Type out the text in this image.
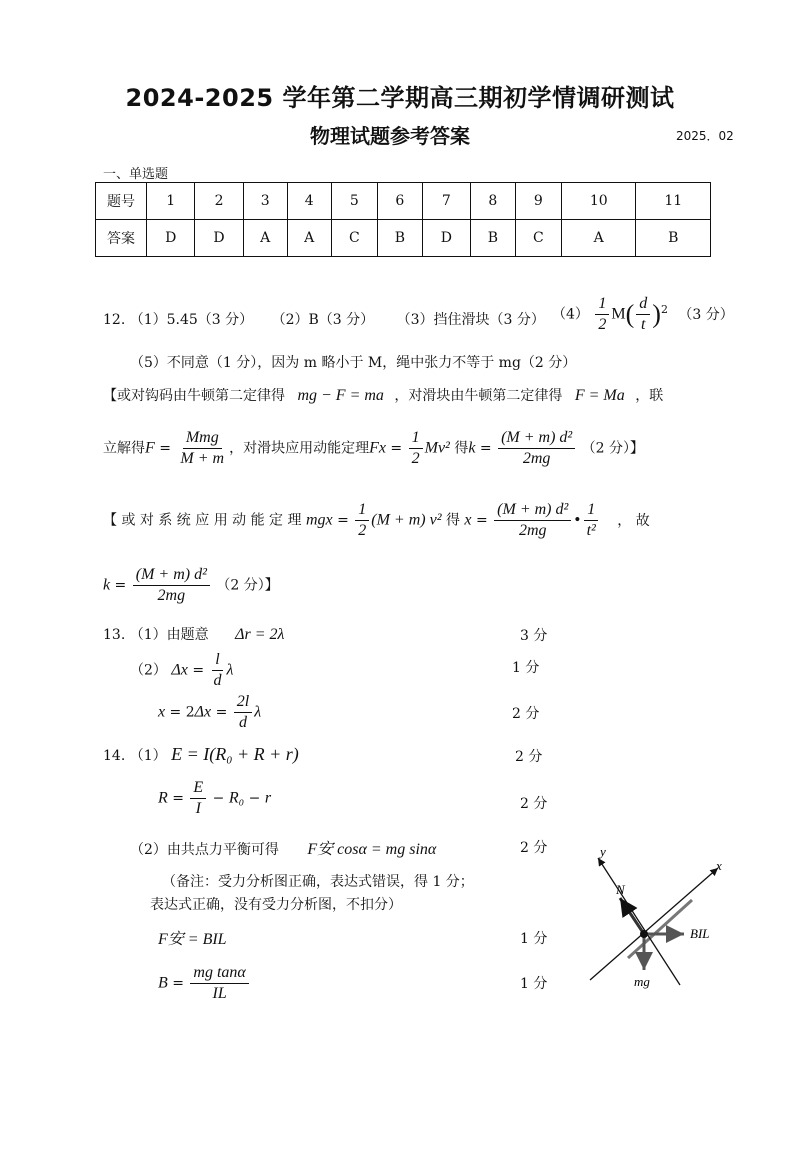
2024-2025 学年第二学期高三期初学情调研测试
物理试题参考答案	2025．02
一、单选题
题号	1	2	3	4	5	6	7	8	9	10	11
答案	D	D	A	A	C	B	D	B	C	A	B
12. （1）5.45（3 分） （2）B（3 分） （3）挡住滑块（3 分） $(4) \frac{1}{2} M( \frac{d}{t} )^2$ （3 分）
（5）不同意（1 分），因为 m 略小于 M，绳中张力不等于 mg（2 分）
【或对钩码由牛顿第二定律得 mg − F = ma ，对滑块由牛顿第二定律得 F = Ma ，联
立解得$F = \frac{\text{Mmg}}{M + m}$ ，对滑块应用动能定理$Fx = \frac{1}{2} Mv^2$ 得$k = \frac{\text{(M + m) d²}}{2mg} (2$ 分）】
【 或 对 系 统 应 用 动 能 定 理 mgx = $\frac{1}{2} (M + m)$ v² 得 $x = \frac{\text{(M + m) d²}}{2mg}$ • $\frac{1}{\text{t²}}$ ， 故
$k = \frac{\text{(M + m) d²}}{2mg} (2$ 分）】
13. （1）由题意 Δr = 2λ	3 分
（2） $\Delta x = \frac{l}{d}$ λ	1 分
$x = 2\Delta x = \frac{2l}{d}$ λ	2 分
14. （1） E = I(R₀ + R + r)	2 分
$R = \frac{E}{I} - R_0 - r$	2 分
（2）由共点力平衡可得 F安 cosα = mg sinα	2 分
（备注：受力分析图正确，表达式错误，得 1 分；
表达式正确，没有受力分析图，不扣分）
F安 = BIL	1 分
$B = \frac{\text{mg tanα}}{IL}$	1 分
y
x
N
BIL
mg
